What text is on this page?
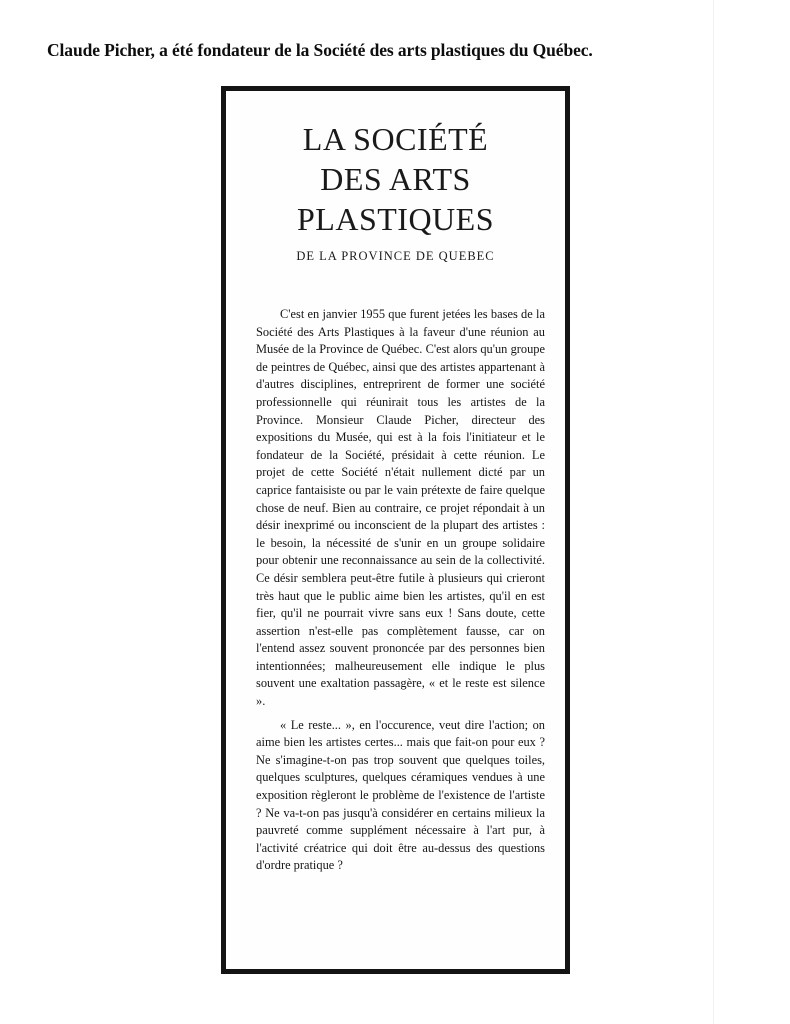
Claude Picher, a été fondateur de la Société des arts plastiques du Québec.
LA SOCIÉTÉ
DES ARTS
PLASTIQUES
DE LA PROVINCE DE QUEBEC

C'est en janvier 1955 que furent jetées les bases de la Société des Arts Plastiques à la faveur d'une réunion au Musée de la Province de Québec. C'est alors qu'un groupe de peintres de Québec, ainsi que des artistes appartenant à d'autres disciplines, entreprirent de former une société professionnelle qui réunirait tous les artistes de la Province. Monsieur Claude Picher, directeur des expositions du Musée, qui est à la fois l'initiateur et le fondateur de la Société, présidait à cette réunion. Le projet de cette Société n'était nullement dicté par un caprice fantaisiste ou par le vain prétexte de faire quelque chose de neuf. Bien au contraire, ce projet répondait à un désir inexprimé ou inconscient de la plupart des artistes : le besoin, la nécessité de s'unir en un groupe solidaire pour obtenir une reconnaissance au sein de la collectivité. Ce désir semblera peut-être futile à plusieurs qui crieront très haut que le public aime bien les artistes, qu'il en est fier, qu'il ne pourrait vivre sans eux ! Sans doute, cette assertion n'est-elle pas complètement fausse, car on l'entend assez souvent prononcée par des personnes bien intentionnées; malheureusement elle indique le plus souvent une exaltation passagère, « et le reste est silence ».

« Le reste... », en l'occurence, veut dire l'action; on aime bien les artistes certes... mais que fait-on pour eux ? Ne s'imagine-t-on pas trop souvent que quelques toiles, quelques sculptures, quelques céramiques vendues à une exposition règleront le problème de l'existence de l'artiste ? Ne va-t-on pas jusqu'à considérer en certains milieux la pauvreté comme supplément nécessaire à l'art pur, à l'activité créatrice qui doit être au-dessus des questions d'ordre pratique ?
